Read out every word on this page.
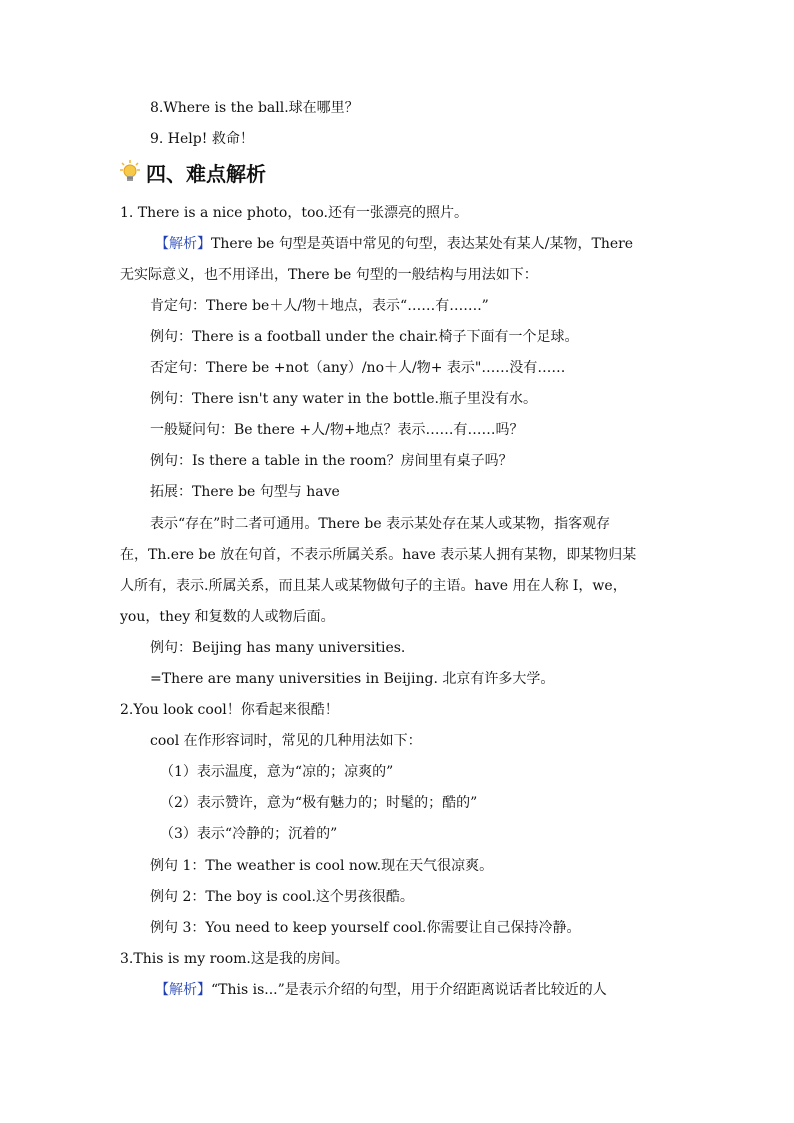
8.Where is the ball.球在哪里？
9. Help! 救命！
四、难点解析
1. There is a nice photo，too.还有一张漂亮的照片。
【解析】There be 句型是英语中常见的句型，表达某处有某人/某物，There
无实际意义，也不用译出，There be 句型的一般结构与用法如下：
肯定句：There be＋人/物＋地点，表示“……有…….”
例句：There is a football under the chair.椅子下面有一个足球。
否定句：There be +not（any）/no＋人/物+ 表示"……没有……
例句：There isn't any water in the bottle.瓶子里没有水。
一般疑问句：Be there +人/物+地点？表示……有……吗？
例句：Is there a table in the room？房间里有桌子吗？
拓展：There be 句型与 have
表示“存在”时二者可通用。There be 表示某处存在某人或某物，指客观存
在，Th.ere be 放在句首，不表示所属关系。have 表示某人拥有某物，即某物归某
人所有，表示.所属关系，而且某人或某物做句子的主语。have 用在人称 I，we，
you，they 和复数的人或物后面。
例句：Beijing has many universities.
=There are many universities in Beijing. 北京有许多大学。
2.You look cool！你看起来很酷！
cool 在作形容词时，常见的几种用法如下：
（1）表示温度，意为“凉的；凉爽的”
（2）表示赞许，意为“极有魅力的；时髦的；酷的”
（3）表示“冷静的；沉着的”
例句 1：The weather is cool now.现在天气很凉爽。
例句 2：The boy is cool.这个男孩很酷。
例句 3：You need to keep yourself cool.你需要让自己保持冷静。
3.This is my room.这是我的房间。
【解析】“This is...”是表示介绍的句型，用于介绍距离说话者比较近的人
